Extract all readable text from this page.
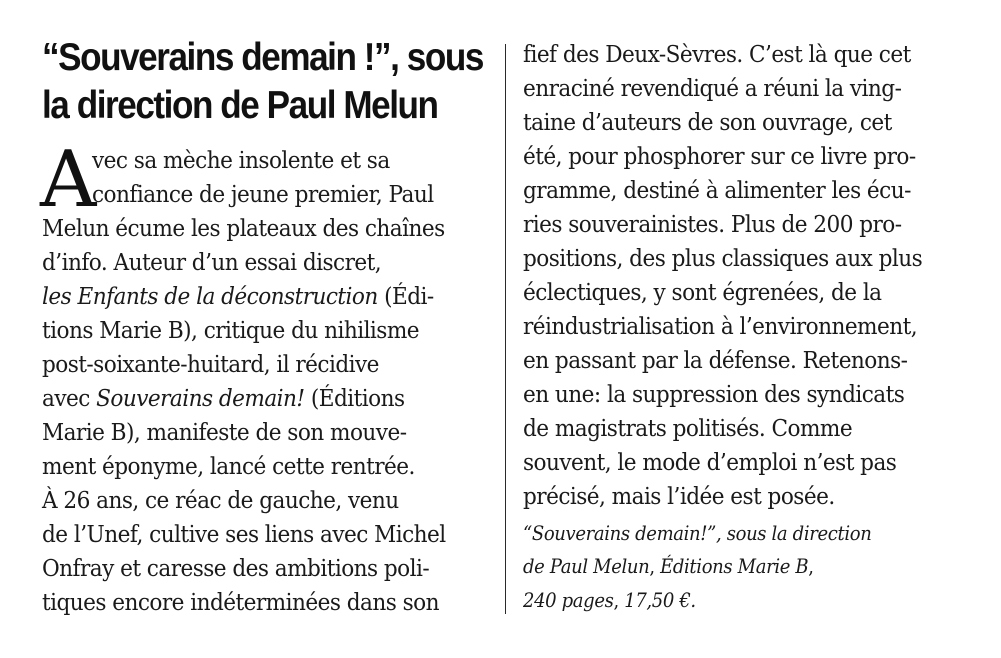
“Souverains demain !”, sous
la direction de Paul Melun
A
vec sa mèche insolente et sa
confiance de jeune premier, Paul
Melun écume les plateaux des chaînes
d’info. Auteur d’un essai discret,
les Enfants de la déconstruction (Édi-
tions Marie B), critique du nihilisme
post-soixante-huitard, il récidive
avec Souverains demain! (Éditions
Marie B), manifeste de son mouve-
ment éponyme, lancé cette rentrée.
À 26 ans, ce réac de gauche, venu
de l’Unef, cultive ses liens avec Michel
Onfray et caresse des ambitions poli-
tiques encore indéterminées dans son
fief des Deux-Sèvres. C’est là que cet
enraciné revendiqué a réuni la ving-
taine d’auteurs de son ouvrage, cet
été, pour phosphorer sur ce livre pro-
gramme, destiné à alimenter les écu-
ries souverainistes. Plus de 200 pro-
positions, des plus classiques aux plus
éclectiques, y sont égrenées, de la
réindustrialisation à l’environnement,
en passant par la défense. Retenons-
en une: la suppression des syndicats
de magistrats politisés. Comme
souvent, le mode d’emploi n’est pas
précisé, mais l’idée est posée.
“Souverains demain!”, sous la direction
de Paul Melun, Éditions Marie B,
240 pages, 17,50 €.
